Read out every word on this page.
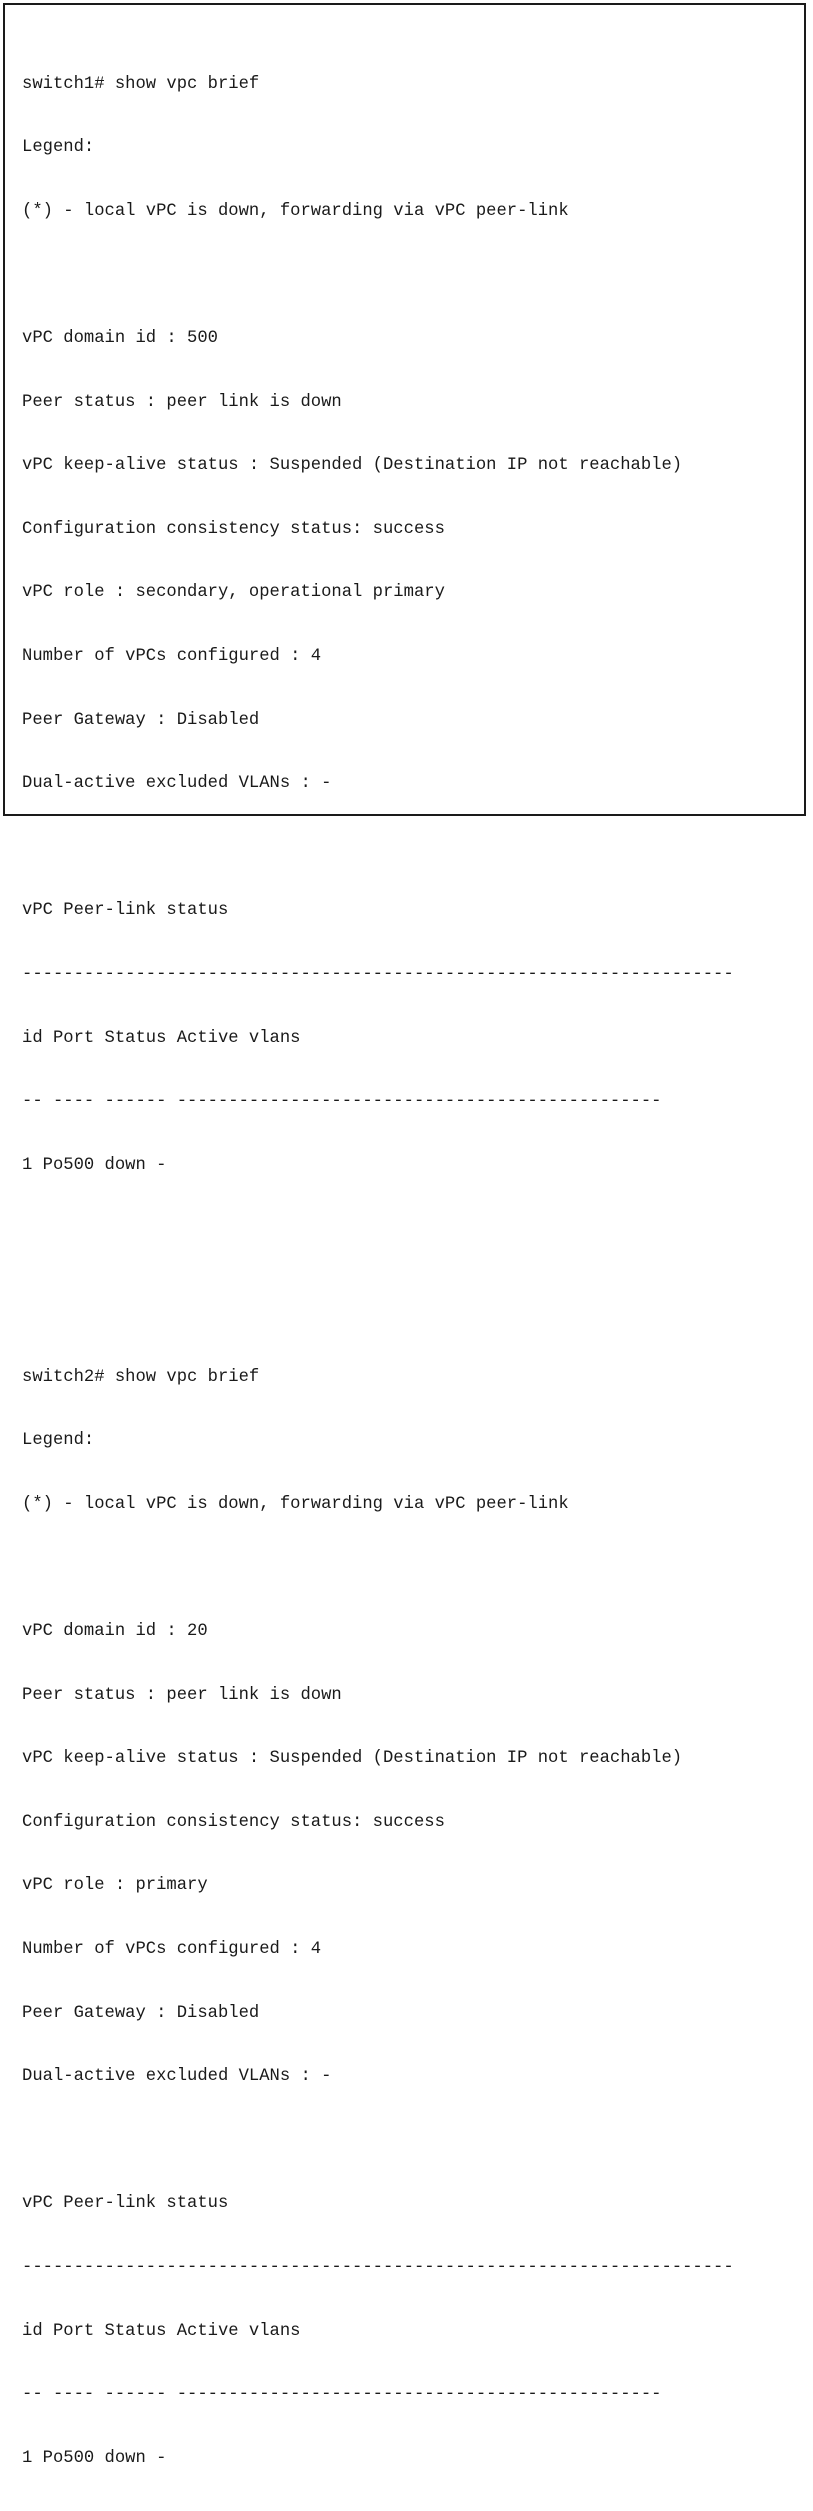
switch1# show vpc brief

Legend:

(*) - local vPC is down, forwarding via vPC peer-link

vPC domain id : 500

Peer status : peer link is down

vPC keep-alive status : Suspended (Destination IP not reachable)

Configuration consistency status: success

vPC role : secondary, operational primary

Number of vPCs configured : 4

Peer Gateway : Disabled

Dual-active excluded VLANs : -

vPC Peer-link status

---------------------------------------------------------------------

id Port Status Active vlans

-- ---- ------ -----------------------------------------------

1 Po500 down -

switch2# show vpc brief

Legend:

(*) - local vPC is down, forwarding via vPC peer-link

vPC domain id : 20

Peer status : peer link is down

vPC keep-alive status : Suspended (Destination IP not reachable)

Configuration consistency status: success

vPC role : primary

Number of vPCs configured : 4

Peer Gateway : Disabled

Dual-active excluded VLANs : -

vPC Peer-link status

---------------------------------------------------------------------

id Port Status Active vlans

-- ---- ------ -----------------------------------------------

1 Po500 down -
